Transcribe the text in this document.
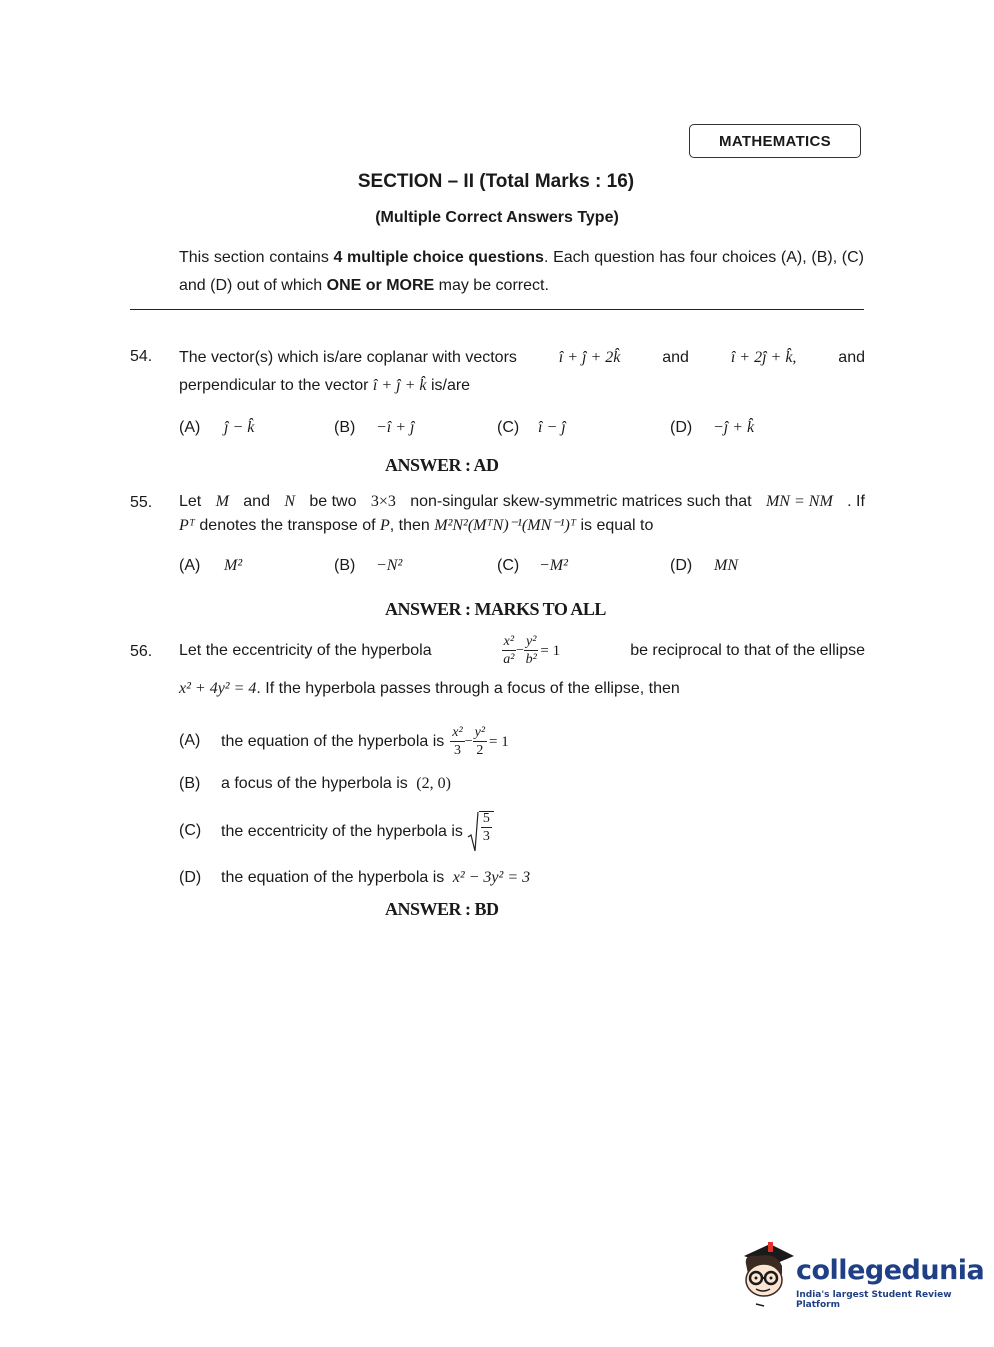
MATHEMATICS
SECTION – II (Total Marks : 16)
(Multiple Correct Answers Type)
This section contains 4 multiple choice questions. Each question has four choices (A), (B), (C) and (D) out of which ONE or MORE may be correct.
54. The vector(s) which is/are coplanar with vectors	î + ĵ + 2k̂	and	î + 2ĵ + k̂,	and
perpendicular to the vector î + ĵ + k̂ is/are
(A) ĵ − k̂	(B) −î + ĵ	(C) î − ĵ	(D) −ĵ + k̂
ANSWER : AD
55. Let M and N be two 3×3 non-singular skew-symmetric matrices such that MN = NM . If
Pᵀ denotes the transpose of P, then M²N²(MᵀN)⁻¹(MN⁻¹)ᵀ is equal to
(A) M²	(B) −N²	(C) −M²	(D) MN
ANSWER : MARKS TO ALL
56. Let the eccentricity of the hyperbola	$\frac{\text{x²}}{\text{a²}} - \frac{\text{y²}}{\text{b²}} = 1$	be reciprocal to that of the ellipse
x² + 4y² = 4. If the hyperbola passes through a focus of the ellipse, then
(A) the equation of the hyperbola is $\frac{\text{x²}}{3} - \frac{\text{y²}}{2} = 1$
(B) a focus of the hyperbola is (2, 0)
(C) the eccentricity of the hyperbola is $\frac{5}{3}$
(D) the equation of the hyperbola is x² − 3y² = 3
ANSWER : BD
collegedunia
India's largest Student Review Platform
